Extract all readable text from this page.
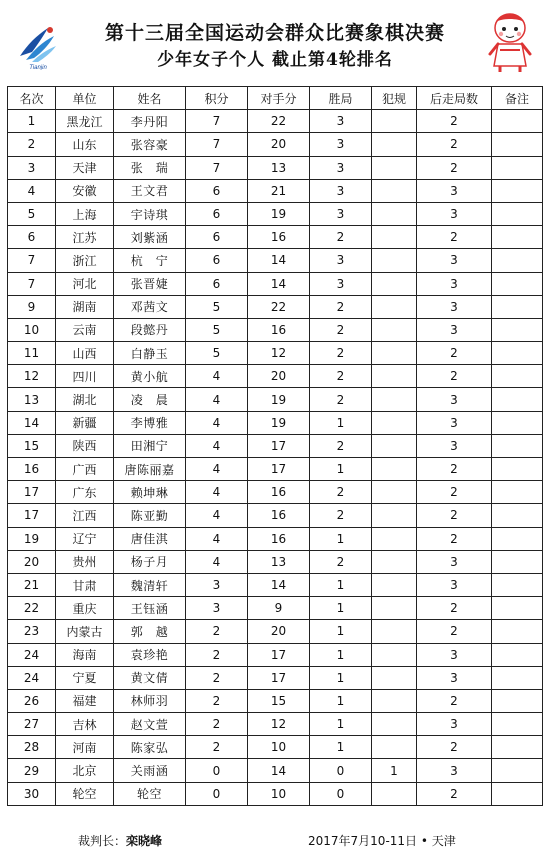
Tianjin
第十三届全国运动会群众比赛象棋决赛
少年女子个人 截止第4轮排名
名次	单位	姓名	积分	对手分	胜局	犯规	后走局数	备注
1	黑龙江	李丹阳	7	22	3		2	
2	山东	张容豪	7	20	3		2	
3	天津	张　瑞	7	13	3		2	
4	安徽	王文君	6	21	3		3	
5	上海	宇诗琪	6	19	3		3	
6	江苏	刘紫涵	6	16	2		2	
7	浙江	杭　宁	6	14	3		3	
7	河北	张晋婕	6	14	3		3	
9	湖南	邓茜文	5	22	2		3	
10	云南	段懿丹	5	16	2		3	
11	山西	白静玉	5	12	2		2	
12	四川	黄小航	4	20	2		2	
13	湖北	凌　晨	4	19	2		3	
14	新疆	李博雅	4	19	1		3	
15	陕西	田湘宁	4	17	2		3	
16	广西	唐陈丽嘉	4	17	1		2	
17	广东	赖坤琳	4	16	2		2	
17	江西	陈亚勤	4	16	2		2	
19	辽宁	唐佳淇	4	16	1		2	
20	贵州	杨子月	4	13	2		3	
21	甘肃	魏清轩	3	14	1		3	
22	重庆	王钰涵	3	9	1		2	
23	内蒙古	郭　越	2	20	1		2	
24	海南	袁珍艳	2	17	1		3	
24	宁夏	黄文倩	2	17	1		3	
26	福建	林师羽	2	15	1		2	
27	吉林	赵文萱	2	12	1		3	
28	河南	陈家弘	2	10	1		2	
29	北京	关雨涵	0	14	0	1	3	
30	轮空	轮空	0	10	0		2	
裁判长：栾晓峰	2017年7月10-11日 • 天津
